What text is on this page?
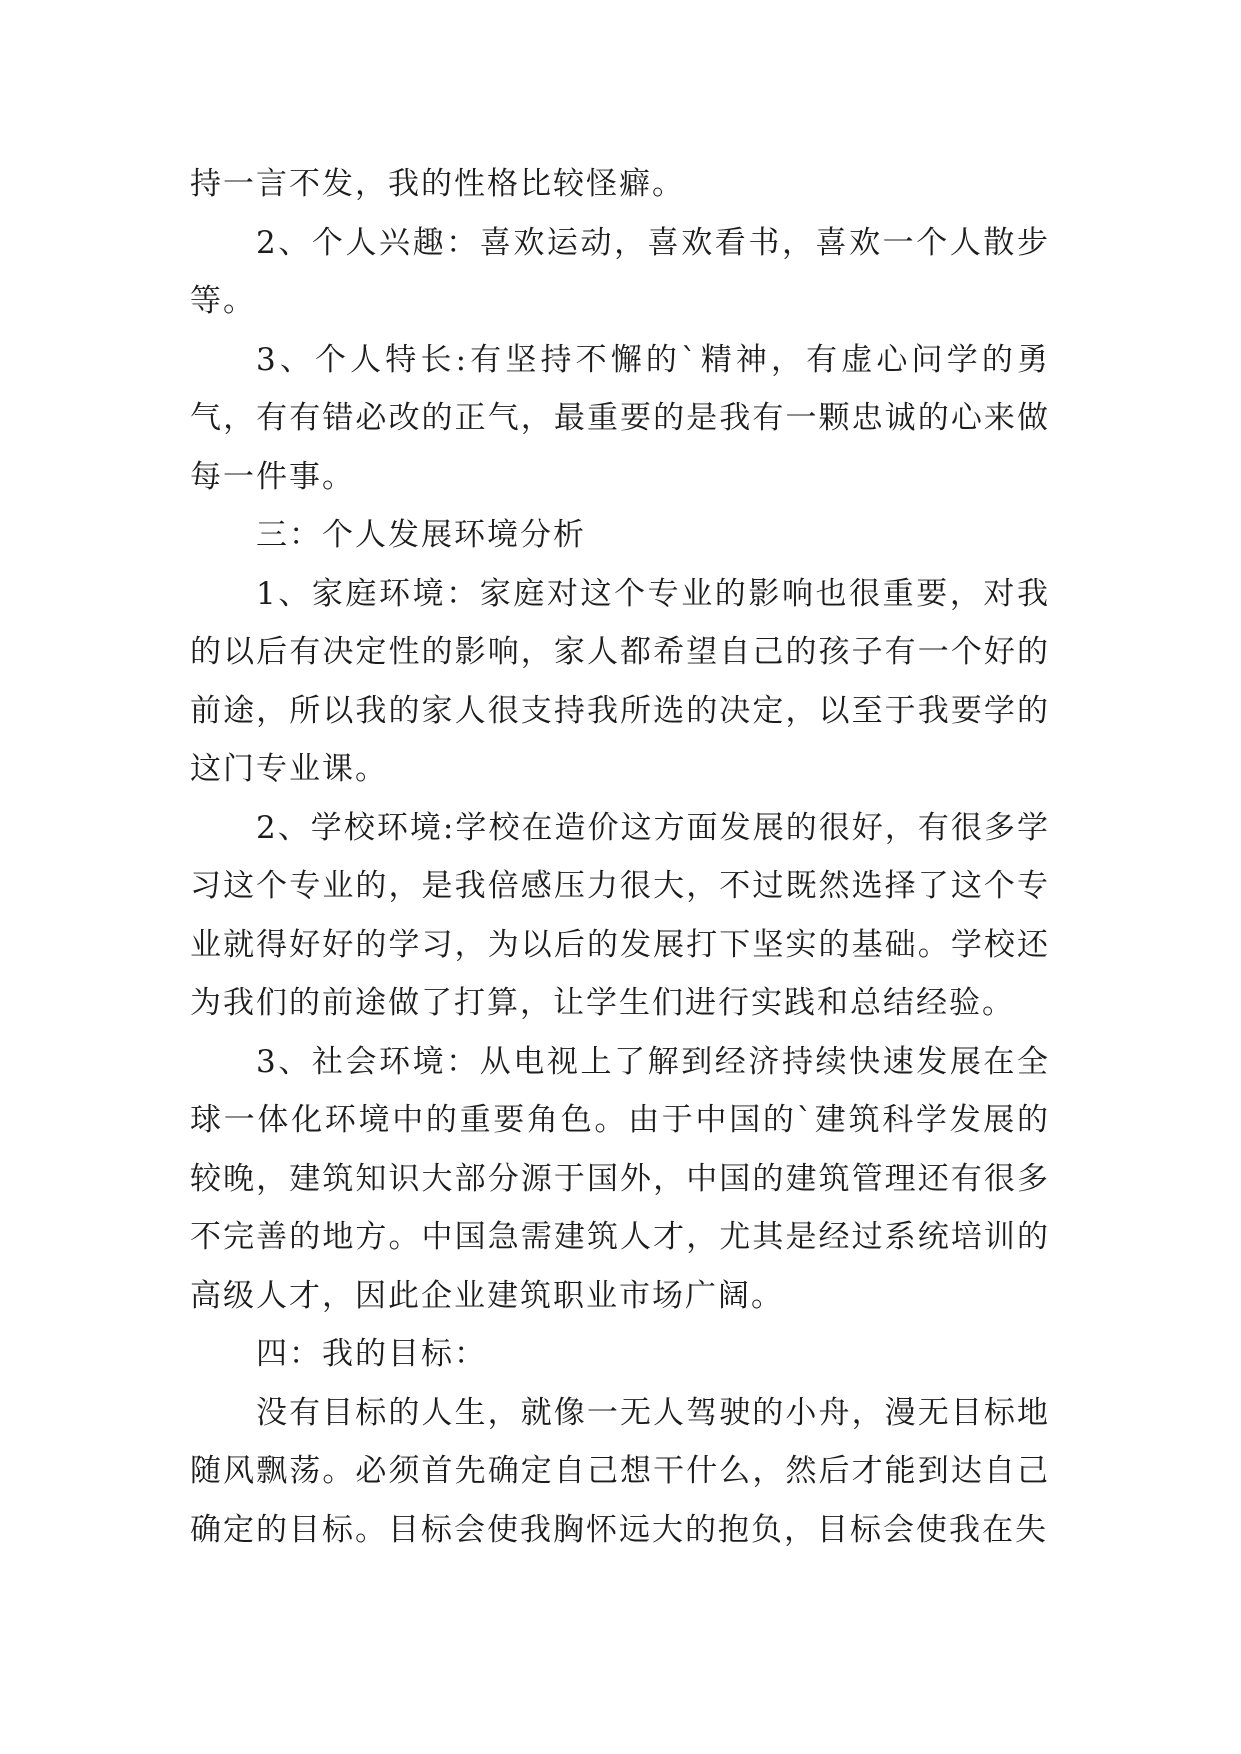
持一言不发，我的性格比较怪癖。

2、个人兴趣：喜欢运动，喜欢看书，喜欢一个人散步等。

3、个人特长:有坚持不懈的`精神，有虚心问学的勇气，有有错必改的正气，最重要的是我有一颗忠诚的心来做每一件事。

三：个人发展环境分析

1、家庭环境：家庭对这个专业的影响也很重要，对我的以后有决定性的影响，家人都希望自己的孩子有一个好的前途，所以我的家人很支持我所选的决定，以至于我要学的这门专业课。

2、学校环境:学校在造价这方面发展的很好，有很多学习这个专业的，是我倍感压力很大，不过既然选择了这个专业就得好好的学习，为以后的发展打下坚实的基础。学校还为我们的前途做了打算，让学生们进行实践和总结经验。

3、社会环境：从电视上了解到经济持续快速发展在全球一体化环境中的重要角色。由于中国的`建筑科学发展的较晚，建筑知识大部分源于国外，中国的建筑管理还有很多不完善的地方。中国急需建筑人才，尤其是经过系统培训的高级人才，因此企业建筑职业市场广阔。

四：我的目标：

没有目标的人生，就像一无人驾驶的小舟，漫无目标地随风飘荡。必须首先确定自己想干什么，然后才能到达自己确定的目标。目标会使我胸怀远大的抱负，目标会使我在失
